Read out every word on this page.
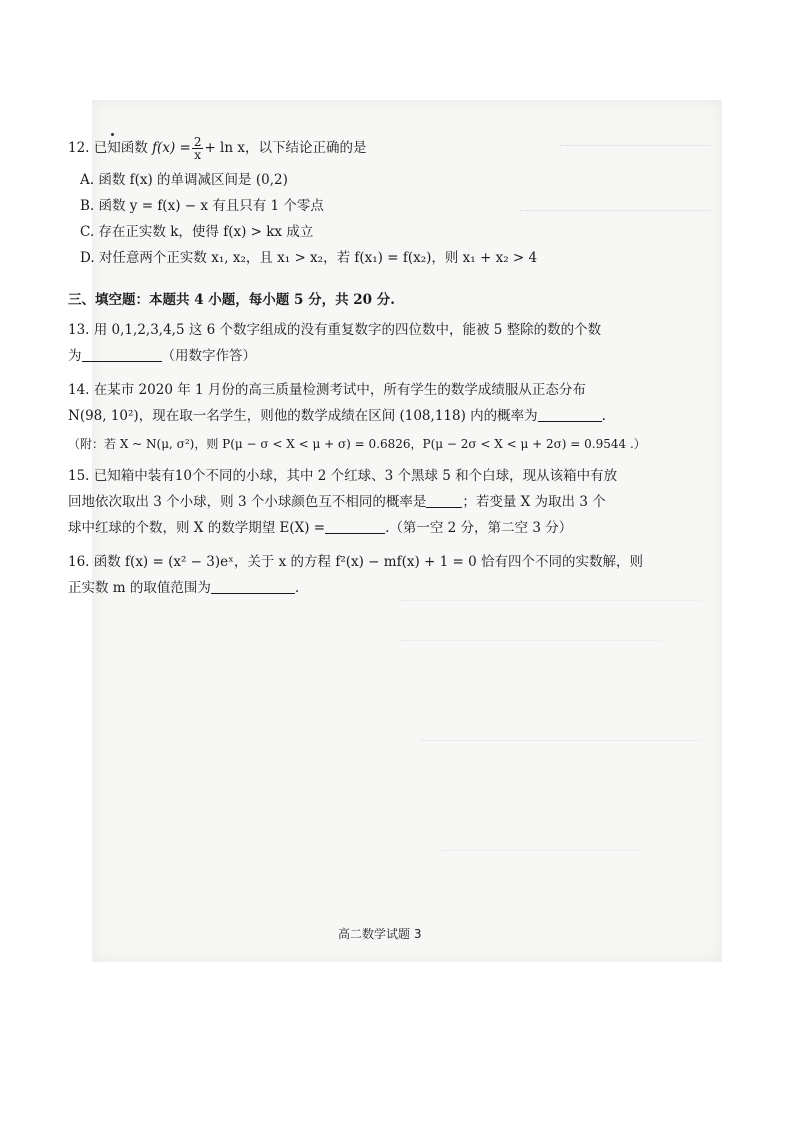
12. 已知函数 $f(x) = \frac{2}{x} + \ln x$，以下结论正确的是
A. 函数 f(x) 的单调减区间是 (0,2)
B. 函数 y = f(x) − x 有且只有 1 个零点
C. 存在正实数 k，使得 f(x) > kx 成立
D. 对任意两个正实数 x₁, x₂，且 x₁ > x₂，若 f(x₁) = f(x₂)，则 x₁ + x₂ > 4
三、填空题：本题共 4 小题，每小题 5 分，共 20 分.
13. 用 0,1,2,3,4,5 这 6 个数字组成的没有重复数字的四位数中，能被 5 整除的数的个数
为	（用数字作答）
14. 在某市 2020 年 1 月份的高三质量检测考试中，所有学生的数学成绩服从正态分布
N(98, 10²)，现在取一名学生，则他的数学成绩在区间 (108,118) 内的概率为	.
（附：若 X ~ N(μ, σ²)，则 P(μ − σ < X < μ + σ) = 0.6826，P(μ − 2σ < X < μ + 2σ) = 0.9544 .）
15. 已知箱中装有10个不同的小球，其中 2 个红球、3 个黑球 5 和个白球，现从该箱中有放
回地依次取出 3 个小球，则 3 个小球颜色互不相同的概率是	；若变量 X 为取出 3 个
球中红球的个数，则 X 的数学期望 E(X) =	.（第一空 2 分，第二空 3 分）
16. 函数 f(x) = (x² − 3)eˣ，关于 x 的方程 f²(x) − mf(x) + 1 = 0 恰有四个不同的实数解，则
正实数 m 的取值范围为	.
高二数学试题 3
